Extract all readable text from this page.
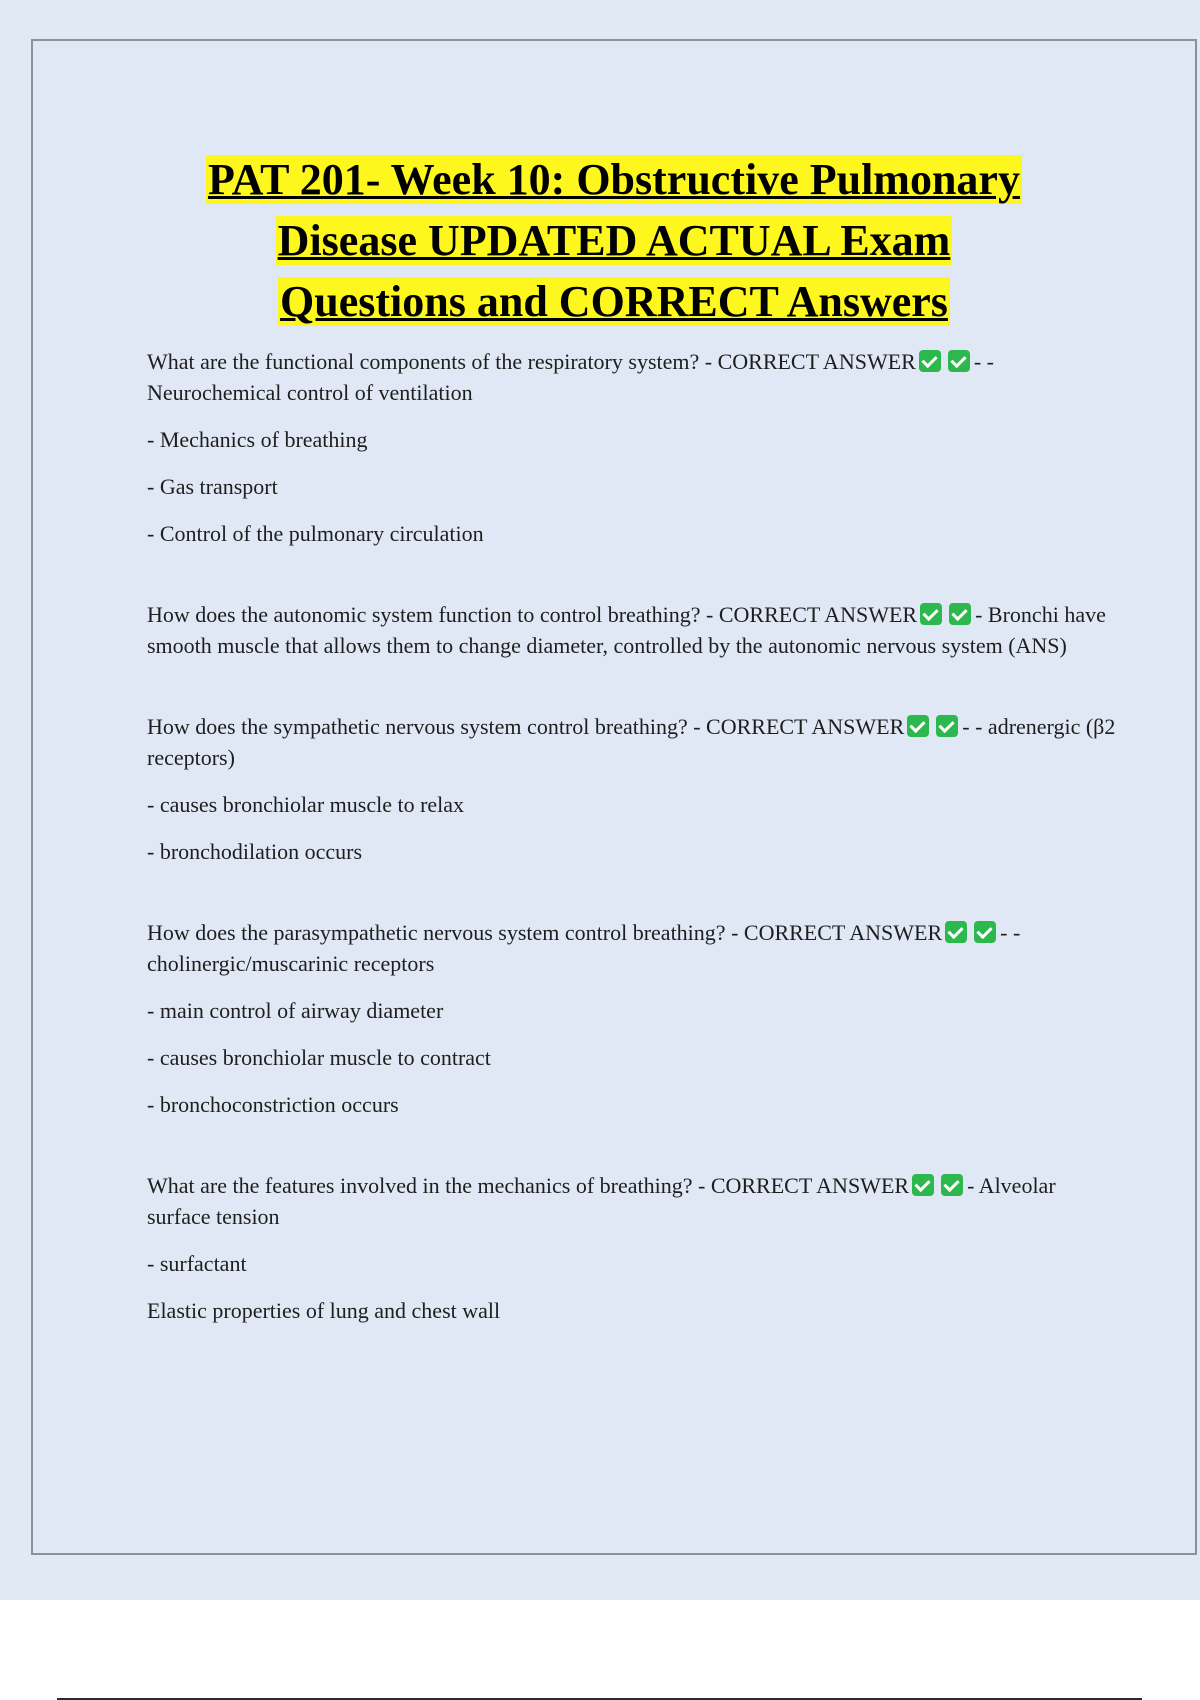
PAT 201- Week 10: Obstructive Pulmonary
Disease UPDATED ACTUAL Exam
Questions and CORRECT Answers

What are the functional components of the respiratory system? - CORRECT ANSWER	- - Neurochemical control of ventilation

- Mechanics of breathing
- Gas transport
- Control of the pulmonary circulation

How does the autonomic system function to control breathing? - CORRECT ANSWER	- Bronchi have smooth muscle that allows them to change diameter, controlled by the autonomic nervous system (ANS)

How does the sympathetic nervous system control breathing? - CORRECT ANSWER	- - adrenergic (β2 receptors)

- causes bronchiolar muscle to relax
- bronchodilation occurs

How does the parasympathetic nervous system control breathing? - CORRECT ANSWER	- - cholinergic/muscarinic receptors

- main control of airway diameter
- causes bronchiolar muscle to contract
- bronchoconstriction occurs

What are the features involved in the mechanics of breathing? - CORRECT ANSWER	- Alveolar surface tension

- surfactant
Elastic properties of lung and chest wall
